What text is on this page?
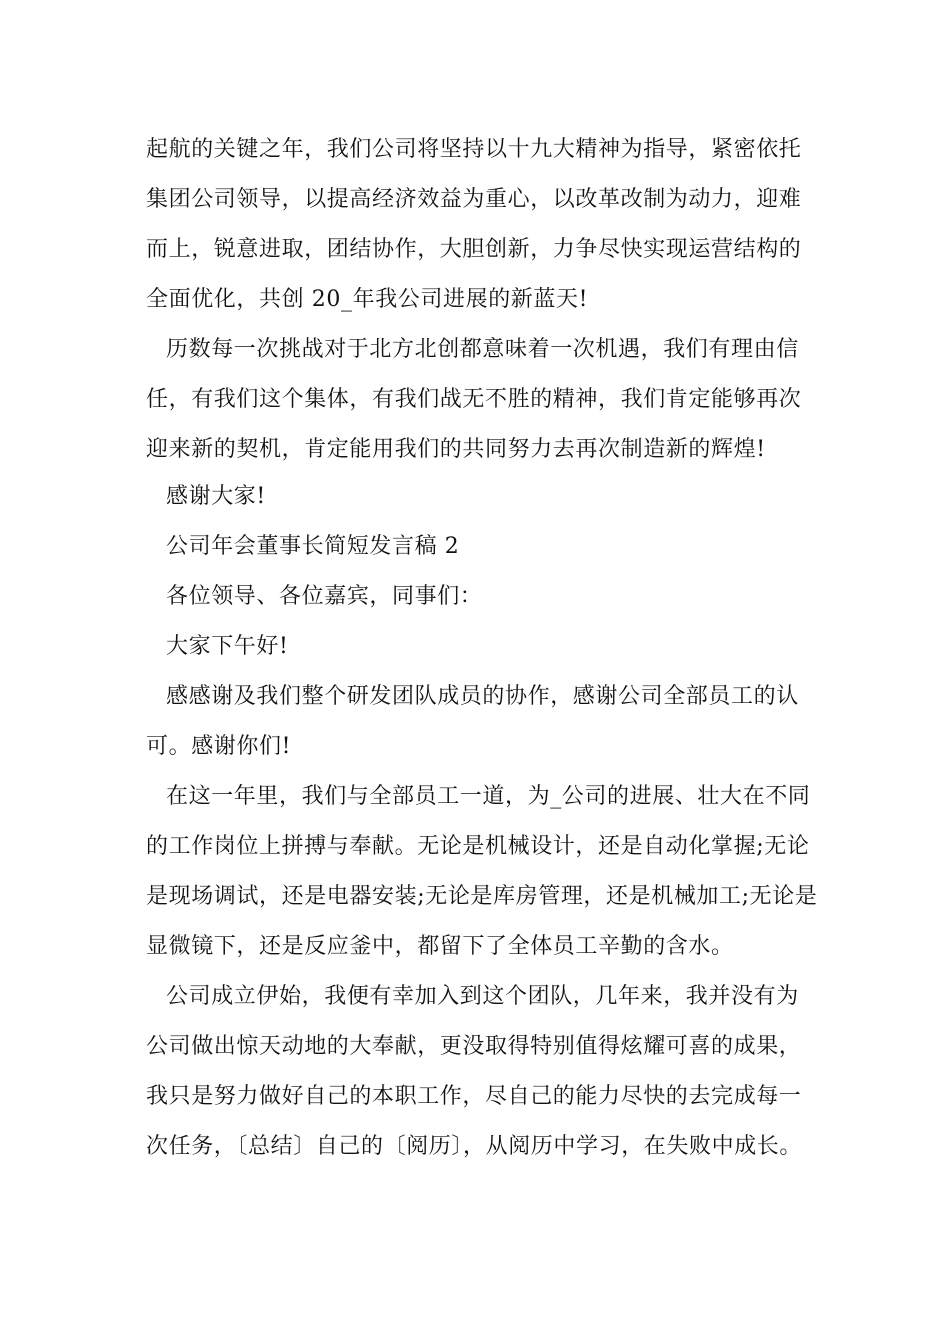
起航的关键之年，我们公司将坚持以十九大精神为指导，紧密依托
集团公司领导，以提高经济效益为重心，以改革改制为动力，迎难
而上，锐意进取，团结协作，大胆创新，力争尽快实现运营结构的
全面优化，共创 20_年我公司进展的新蓝天!
历数每一次挑战对于北方北创都意味着一次机遇，我们有理由信
任，有我们这个集体，有我们战无不胜的精神，我们肯定能够再次
迎来新的契机，肯定能用我们的共同努力去再次制造新的辉煌!
感谢大家!
公司年会董事长简短发言稿 2
各位领导、各位嘉宾，同事们：
大家下午好!
感感谢及我们整个研发团队成员的协作，感谢公司全部员工的认
可。感谢你们!
在这一年里，我们与全部员工一道，为_公司的进展、壮大在不同
的工作岗位上拼搏与奉献。无论是机械设计，还是自动化掌握;无论
是现场调试，还是电器安装;无论是库房管理，还是机械加工;无论是
显微镜下，还是反应釜中，都留下了全体员工辛勤的含水。
公司成立伊始，我便有幸加入到这个团队，几年来，我并没有为
公司做出惊天动地的大奉献，更没取得特别值得炫耀可喜的成果，
我只是努力做好自己的本职工作，尽自己的能力尽快的去完成每一
次任务，〔总结〕自己的〔阅历〕，从阅历中学习，在失败中成长。
